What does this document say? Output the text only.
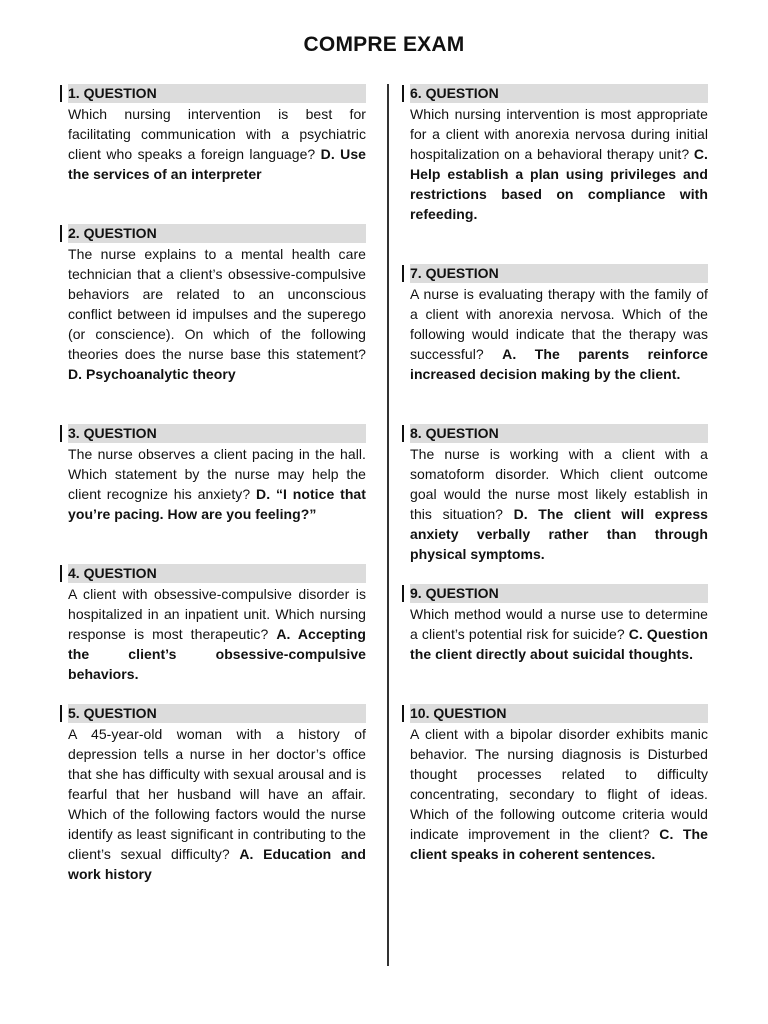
COMPRE EXAM
1. QUESTION
Which nursing intervention is best for facilitating communication with a psychiatric client who speaks a foreign language? D. Use the services of an interpreter
2. QUESTION
The nurse explains to a mental health care technician that a client’s obsessive-compulsive behaviors are related to an unconscious conflict between id impulses and the superego (or conscience). On which of the following theories does the nurse base this statement? D. Psychoanalytic theory
3. QUESTION
The nurse observes a client pacing in the hall. Which statement by the nurse may help the client recognize his anxiety? D. “I notice that you’re pacing. How are you feeling?”
4. QUESTION
A client with obsessive-compulsive disorder is hospitalized in an inpatient unit. Which nursing response is most therapeutic? A. Accepting the client’s obsessive-compulsive behaviors.
5. QUESTION
A 45-year-old woman with a history of depression tells a nurse in her doctor’s office that she has difficulty with sexual arousal and is fearful that her husband will have an affair. Which of the following factors would the nurse identify as least significant in contributing to the client’s sexual difficulty? A. Education and work history
6. QUESTION
Which nursing intervention is most appropriate for a client with anorexia nervosa during initial hospitalization on a behavioral therapy unit? C. Help establish a plan using privileges and restrictions based on compliance with refeeding.
7. QUESTION
A nurse is evaluating therapy with the family of a client with anorexia nervosa. Which of the following would indicate that the therapy was successful? A. The parents reinforce increased decision making by the client.
8. QUESTION
The nurse is working with a client with a somatoform disorder. Which client outcome goal would the nurse most likely establish in this situation? D. The client will express anxiety verbally rather than through physical symptoms.
9. QUESTION
Which method would a nurse use to determine a client’s potential risk for suicide? C. Question the client directly about suicidal thoughts.
10. QUESTION
A client with a bipolar disorder exhibits manic behavior. The nursing diagnosis is Disturbed thought processes related to difficulty concentrating, secondary to flight of ideas. Which of the following outcome criteria would indicate improvement in the client? C. The client speaks in coherent sentences.
